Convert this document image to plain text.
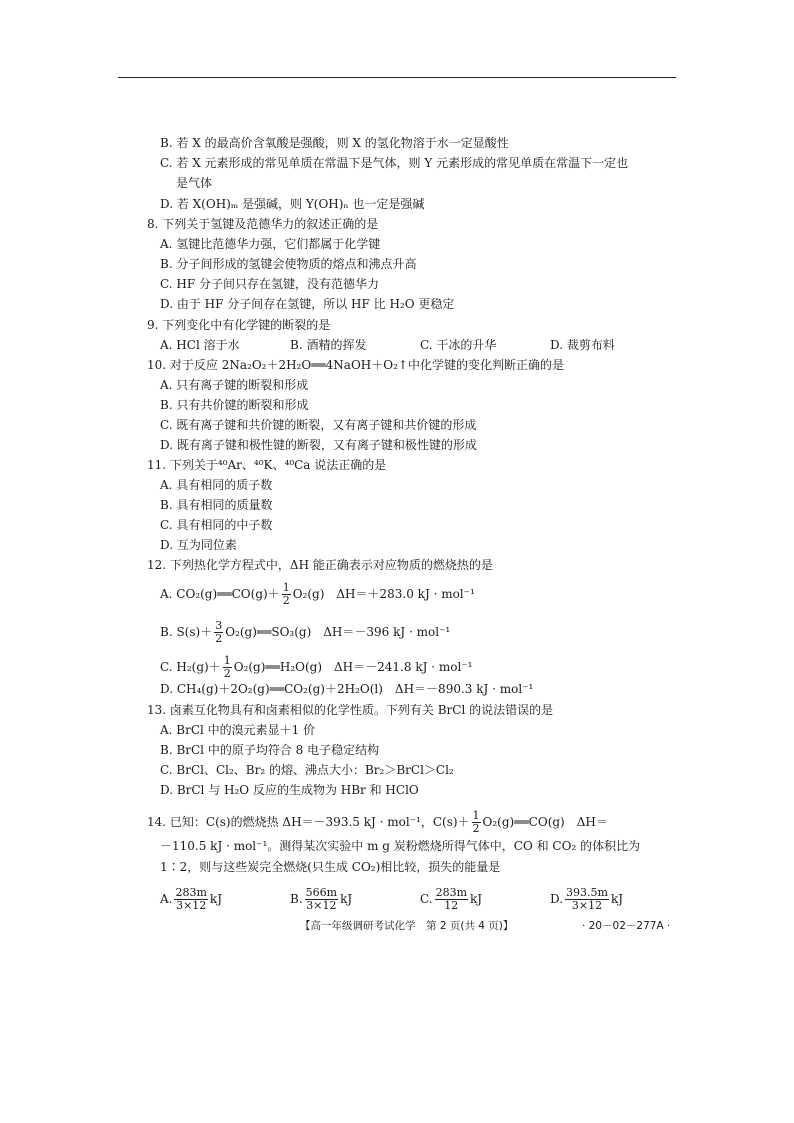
B. 若 X 的最高价含氧酸是强酸，则 X 的氢化物溶于水一定显酸性
C. 若 X 元素形成的常见单质在常温下是气体，则 Y 元素形成的常见单质在常温下一定也
是气体
D. 若 X(OH)ₘ 是强碱，则 Y(OH)ₙ 也一定是强碱
8. 下列关于氢键及范德华力的叙述正确的是
A. 氢键比范德华力强，它们都属于化学键
B. 分子间形成的氢键会使物质的熔点和沸点升高
C. HF 分子间只存在氢键，没有范德华力
D. 由于 HF 分子间存在氢键，所以 HF 比 H₂O 更稳定
9. 下列变化中有化学键的断裂的是
A. HCl 溶于水	B. 酒精的挥发	C. 干冰的升华	D. 裁剪布料
10. 对于反应 2Na₂O₂＋2H₂O══4NaOH＋O₂↑中化学键的变化判断正确的是
A. 只有离子键的断裂和形成
B. 只有共价键的断裂和形成
C. 既有离子键和共价键的断裂，又有离子键和共价键的形成
D. 既有离子键和极性键的断裂，又有离子键和极性键的形成
11. 下列关于⁴⁰Ar、⁴⁰K、⁴⁰Ca 说法正确的是
A. 具有相同的质子数
B. 具有相同的质量数
C. 具有相同的中子数
D. 互为同位素
12. 下列热化学方程式中，ΔH 能正确表示对应物质的燃烧热的是
A. CO₂(g)══CO(g)＋ $\frac{1}{2} O_2(g)$　ΔH＝＋283.0 kJ · mol⁻¹
B. $S(s)+ \frac{3}{2}$ O₂(g)══SO₃(g)　ΔH＝－396 kJ · mol⁻¹
C. $H_2(g)+ \frac{1}{2}$ O₂(g)══H₂O(g)　ΔH＝－241.8 kJ · mol⁻¹
D. CH₄(g)＋2O₂(g)══CO₂(g)＋2H₂O(l)　ΔH＝－890.3 kJ · mol⁻¹
13. 卤素互化物具有和卤素相似的化学性质。下列有关 BrCl 的说法错误的是
A. BrCl 中的溴元素显＋1 价
B. BrCl 中的原子均符合 8 电子稳定结构
C. BrCl、Cl₂、Br₂ 的熔、沸点大小：Br₂＞BrCl＞Cl₂
D. BrCl 与 H₂O 反应的生成物为 HBr 和 HClO
14. 已知：C(s)的燃烧热 ΔH＝－393.5 kJ · mol⁻¹，$C(s)+ \frac{1}{2}$ O₂(g)══CO(g)　ΔH＝
－110.5 kJ · mol⁻¹。测得某次实验中 m g 炭粉燃烧所得气体中，CO 和 CO₂ 的体积比为
1∶2，则与这些炭完全燃烧(只生成 CO₂)相比较，损失的能量是
A. $\frac{283m}{3\times 12}$ kJ	B. $\frac{566m}{3\times 12}$ kJ	C. $\frac{283m}{12}$ kJ	D. $\frac{393.5m}{3\times 12}$ kJ
【高一年级调研考试化学　第 2 页(共 4 页)】	· 20－02－277A ·
